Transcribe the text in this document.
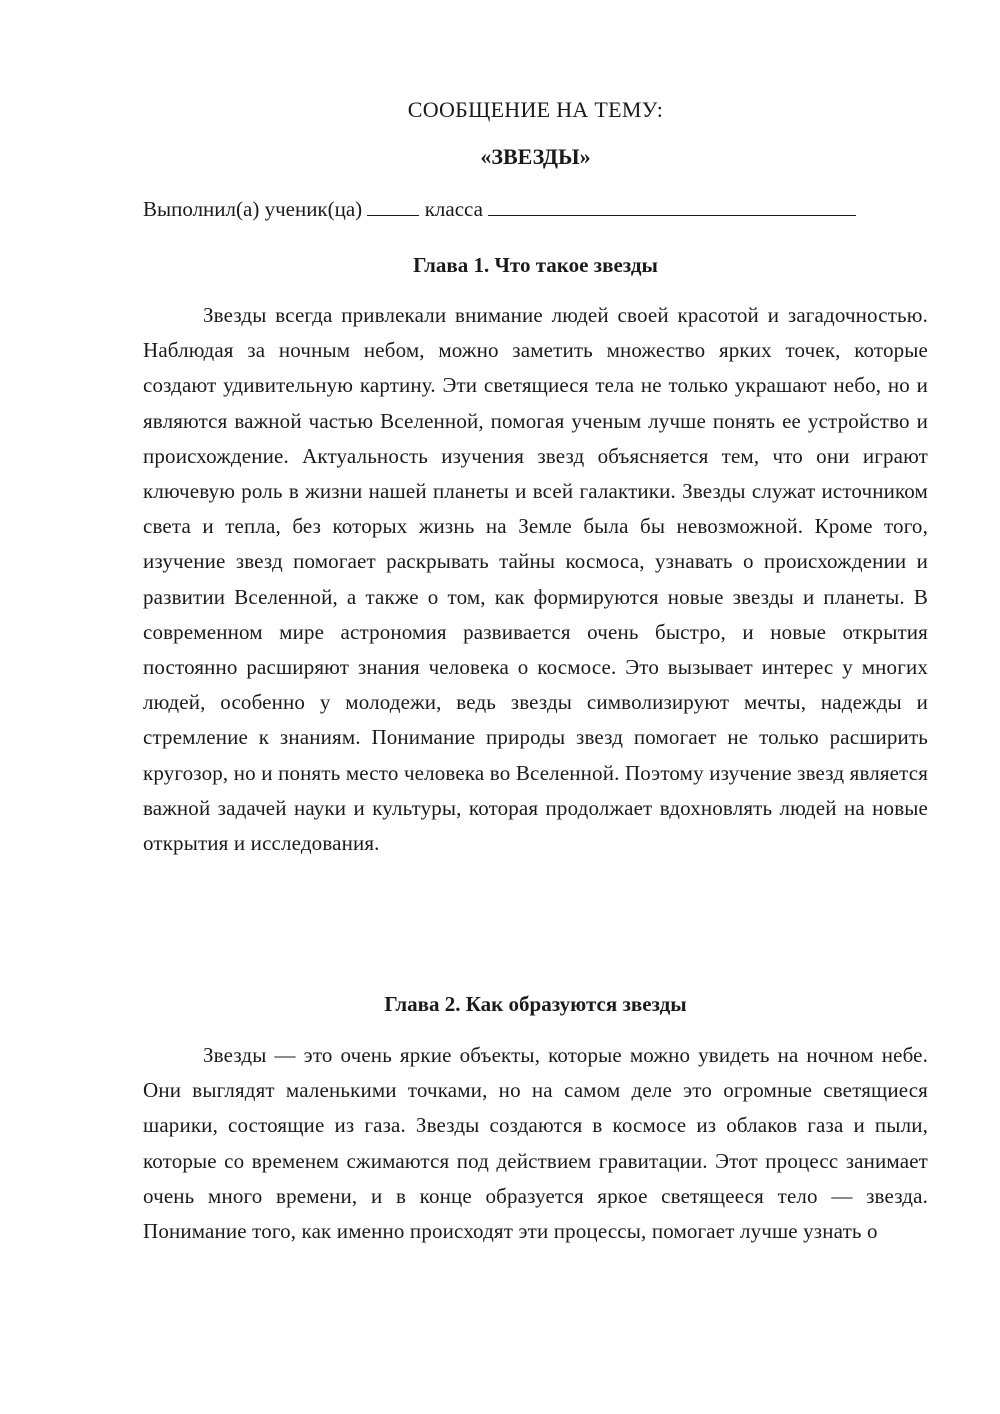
СООБЩЕНИЕ НА ТЕМУ:
«ЗВЕЗДЫ»
Выполнил(а) ученик(ца)	класса
Глава 1. Что такое звезды

Звезды всегда привлекали внимание людей своей красотой и загадочностью. Наблюдая за ночным небом, можно заметить множество ярких точек, которые создают удивительную картину. Эти светящиеся тела не только украшают небо, но и являются важной частью Вселенной, помогая ученым лучше понять ее устройство и происхождение. Актуальность изучения звезд объясняется тем, что они играют ключевую роль в жизни нашей планеты и всей галактики. Звезды служат источником света и тепла, без которых жизнь на Земле была бы невозможной. Кроме того, изучение звезд помогает раскрывать тайны космоса, узнавать о происхождении и развитии Вселенной, а также о том, как формируются новые звезды и планеты. В современном мире астрономия развивается очень быстро, и новые открытия постоянно расширяют знания человека о космосе. Это вызывает интерес у многих людей, особенно у молодежи, ведь звезды символизируют мечты, надежды и стремление к знаниям. Понимание природы звезд помогает не только расширить кругозор, но и понять место человека во Вселенной. Поэтому изучение звезд является важной задачей науки и культуры, которая продолжает вдохновлять людей на новые открытия и исследования.

Глава 2. Как образуются звезды

Звезды — это очень яркие объекты, которые можно увидеть на ночном небе. Они выглядят маленькими точками, но на самом деле это огромные светящиеся шарики, состоящие из газа. Звезды создаются в космосе из облаков газа и пыли, которые со временем сжимаются под действием гравитации. Этот процесс занимает очень много времени, и в конце образуется яркое светящееся тело — звезда. Понимание того, как именно происходят эти процессы, помогает лучше узнать о
